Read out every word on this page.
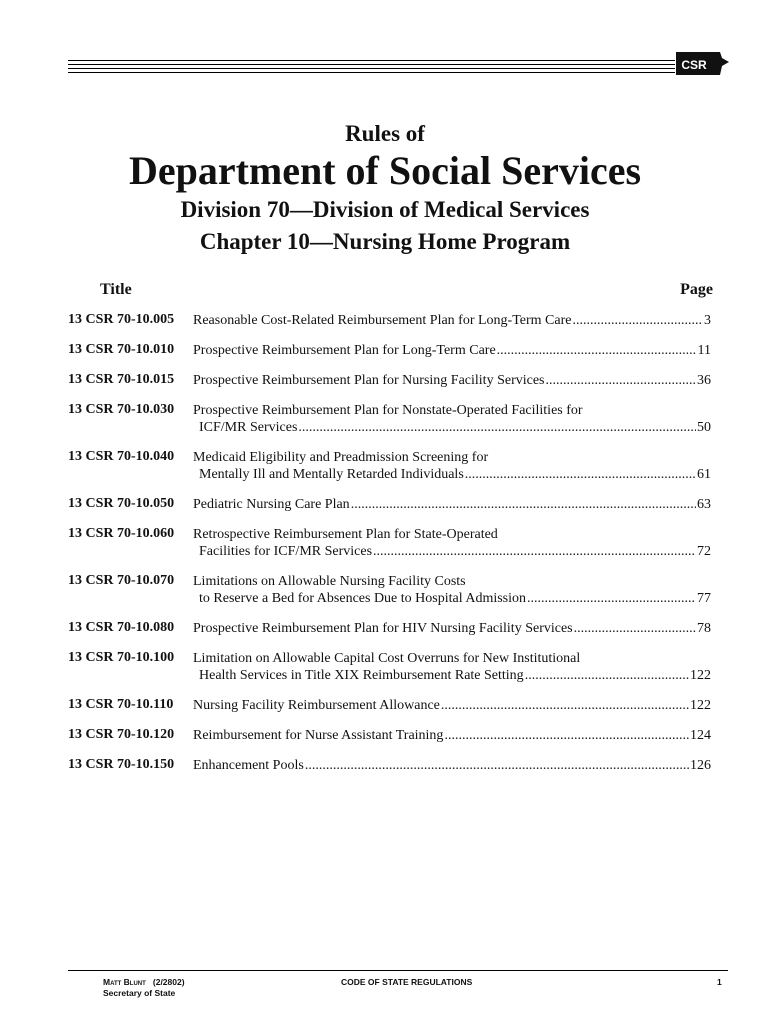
CSR

Rules of

Department of Social Services

Division 70—Division of Medical Services

Chapter 10—Nursing Home Program

Title	Page
13 CSR 70-10.005 Reasonable Cost-Related Reimbursement Plan for Long-Term Care .....	3
13 CSR 70-10.010 Prospective Reimbursement Plan for Long-Term Care .....	11
13 CSR 70-10.015 Prospective Reimbursement Plan for Nursing Facility Services .....	36
13 CSR 70-10.030 Prospective Reimbursement Plan for Nonstate-Operated Facilities for
ICF/MR Services .....	50
13 CSR 70-10.040 Medicaid Eligibility and Preadmission Screening for
Mentally Ill and Mentally Retarded Individuals .....	61
13 CSR 70-10.050 Pediatric Nursing Care Plan .....	63
13 CSR 70-10.060 Retrospective Reimbursement Plan for State-Operated
Facilities for ICF/MR Services .....	72
13 CSR 70-10.070 Limitations on Allowable Nursing Facility Costs
to Reserve a Bed for Absences Due to Hospital Admission .....	77
13 CSR 70-10.080 Prospective Reimbursement Plan for HIV Nursing Facility Services .....	78
13 CSR 70-10.100 Limitation on Allowable Capital Cost Overruns for New Institutional
Health Services in Title XIX Reimbursement Rate Setting .....	122
13 CSR 70-10.110 Nursing Facility Reimbursement Allowance .....	122
13 CSR 70-10.120 Reimbursement for Nurse Assistant Training .....	124
13 CSR 70-10.150 Enhancement Pools .....	126
Matt Blunt (2/2802)
Secretary of State
CODE OF STATE REGULATIONS	1
